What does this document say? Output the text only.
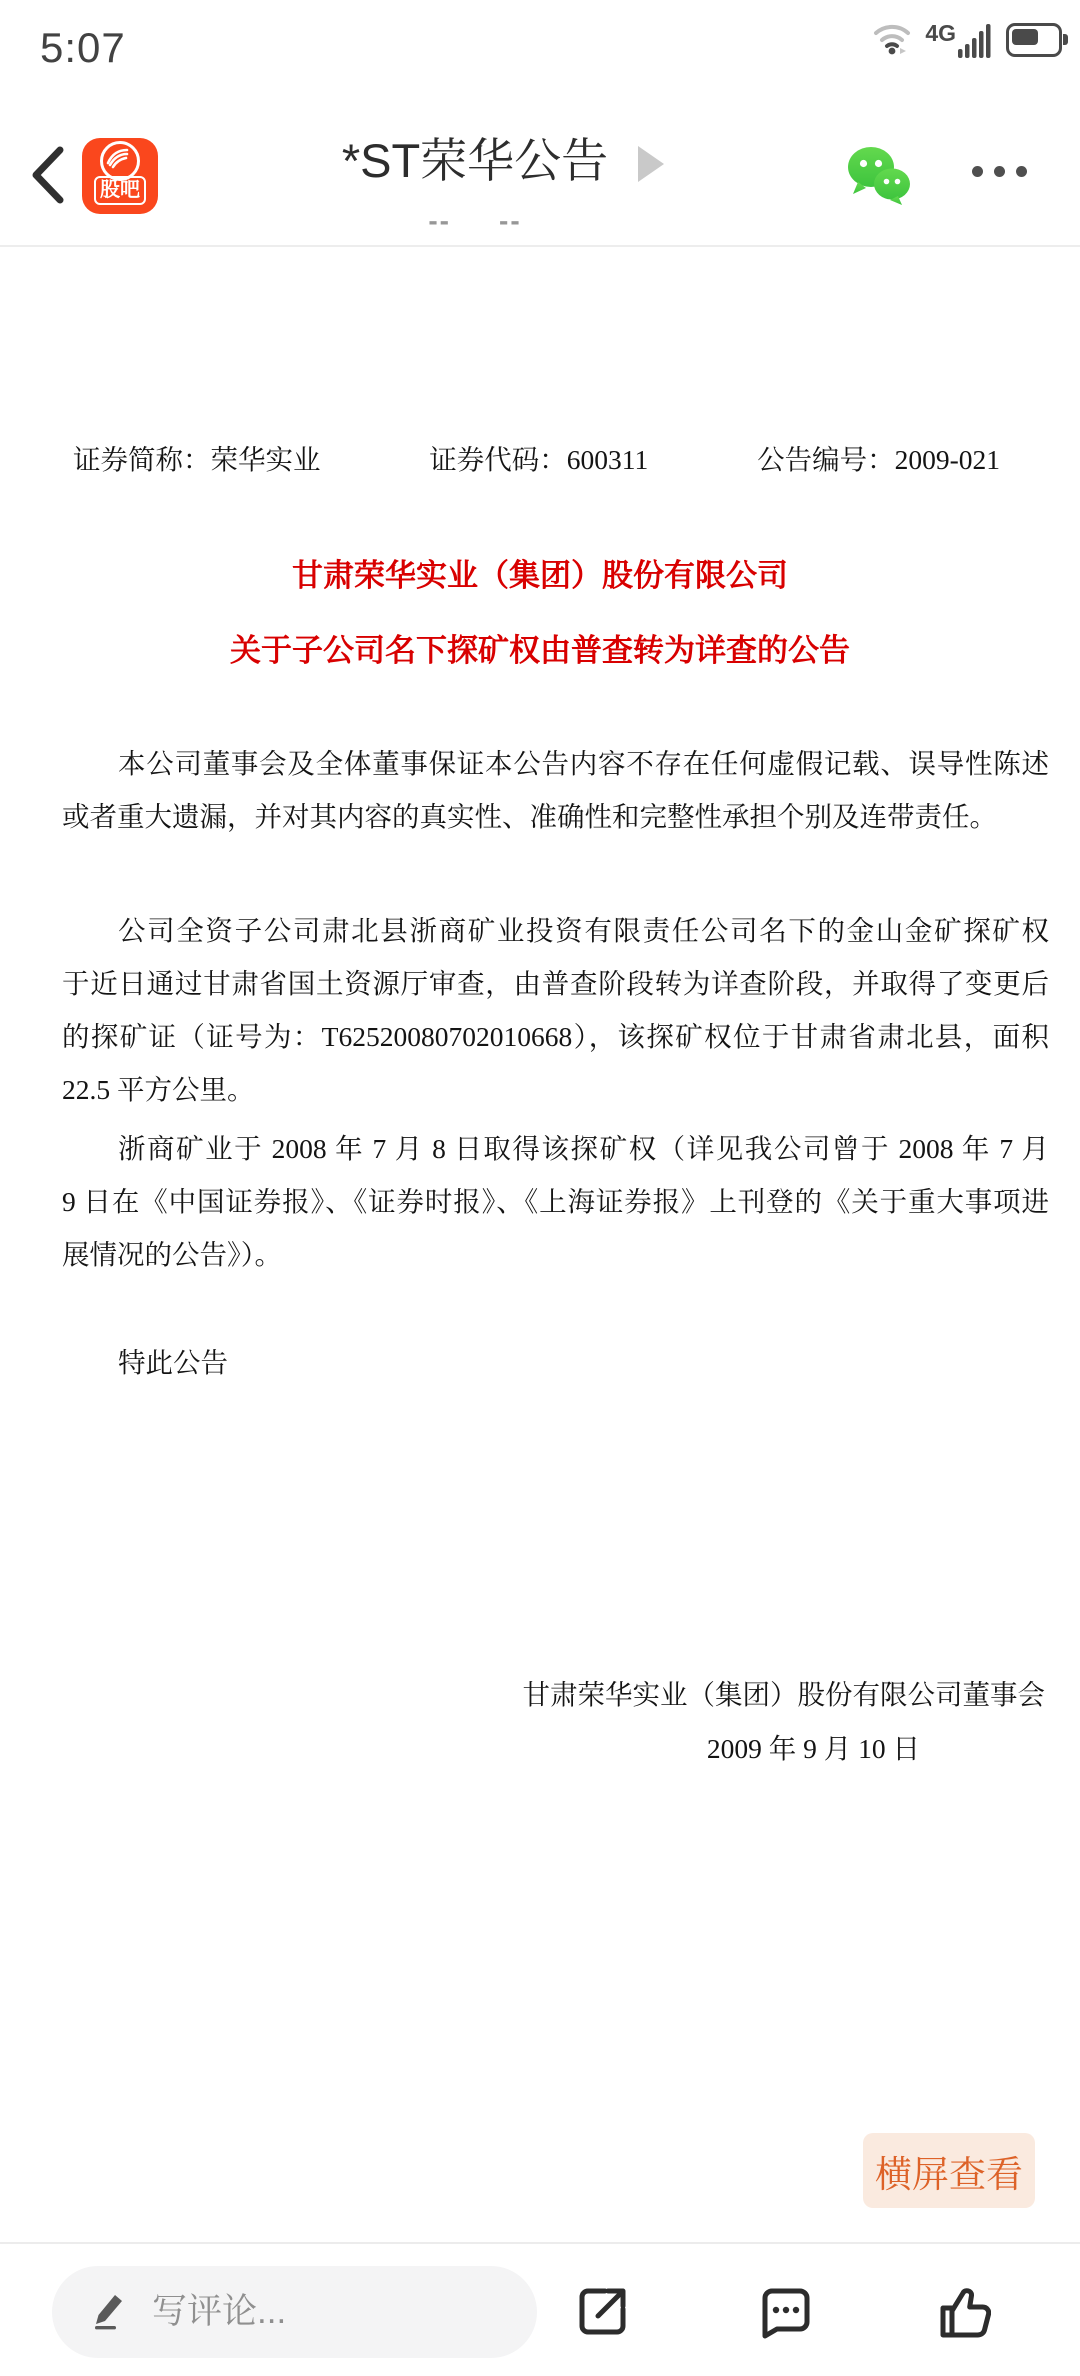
5:07	4G
股吧
*ST荣华公告
-- --
证券简称：荣华实业	证券代码：600311	公告编号：2009-021
甘肃荣华实业（集团）股份有限公司
关于子公司名下探矿权由普查转为详查的公告
本公司董事会及全体董事保证本公告内容不存在任何虚假记载、误导性陈述
或者重大遗漏，并对其内容的真实性、准确性和完整性承担个别及连带责任。
公司全资子公司肃北县浙商矿业投资有限责任公司名下的金山金矿探矿权
于近日通过甘肃省国土资源厅审查，由普查阶段转为详查阶段，并取得了变更后
的探矿证（证号为：T62520080702010668），该探矿权位于甘肃省肃北县，面积
22.5 平方公里。
浙商矿业于 2008 年 7 月 8 日取得该探矿权（详见我公司曾于 2008 年 7 月
9 日在《中国证券报》、《证券时报》、《上海证券报》上刊登的《关于重大事项进
展情况的公告》）。
特此公告
甘肃荣华实业（集团）股份有限公司董事会
2009 年 9 月 10 日
横屏查看
写评论...
